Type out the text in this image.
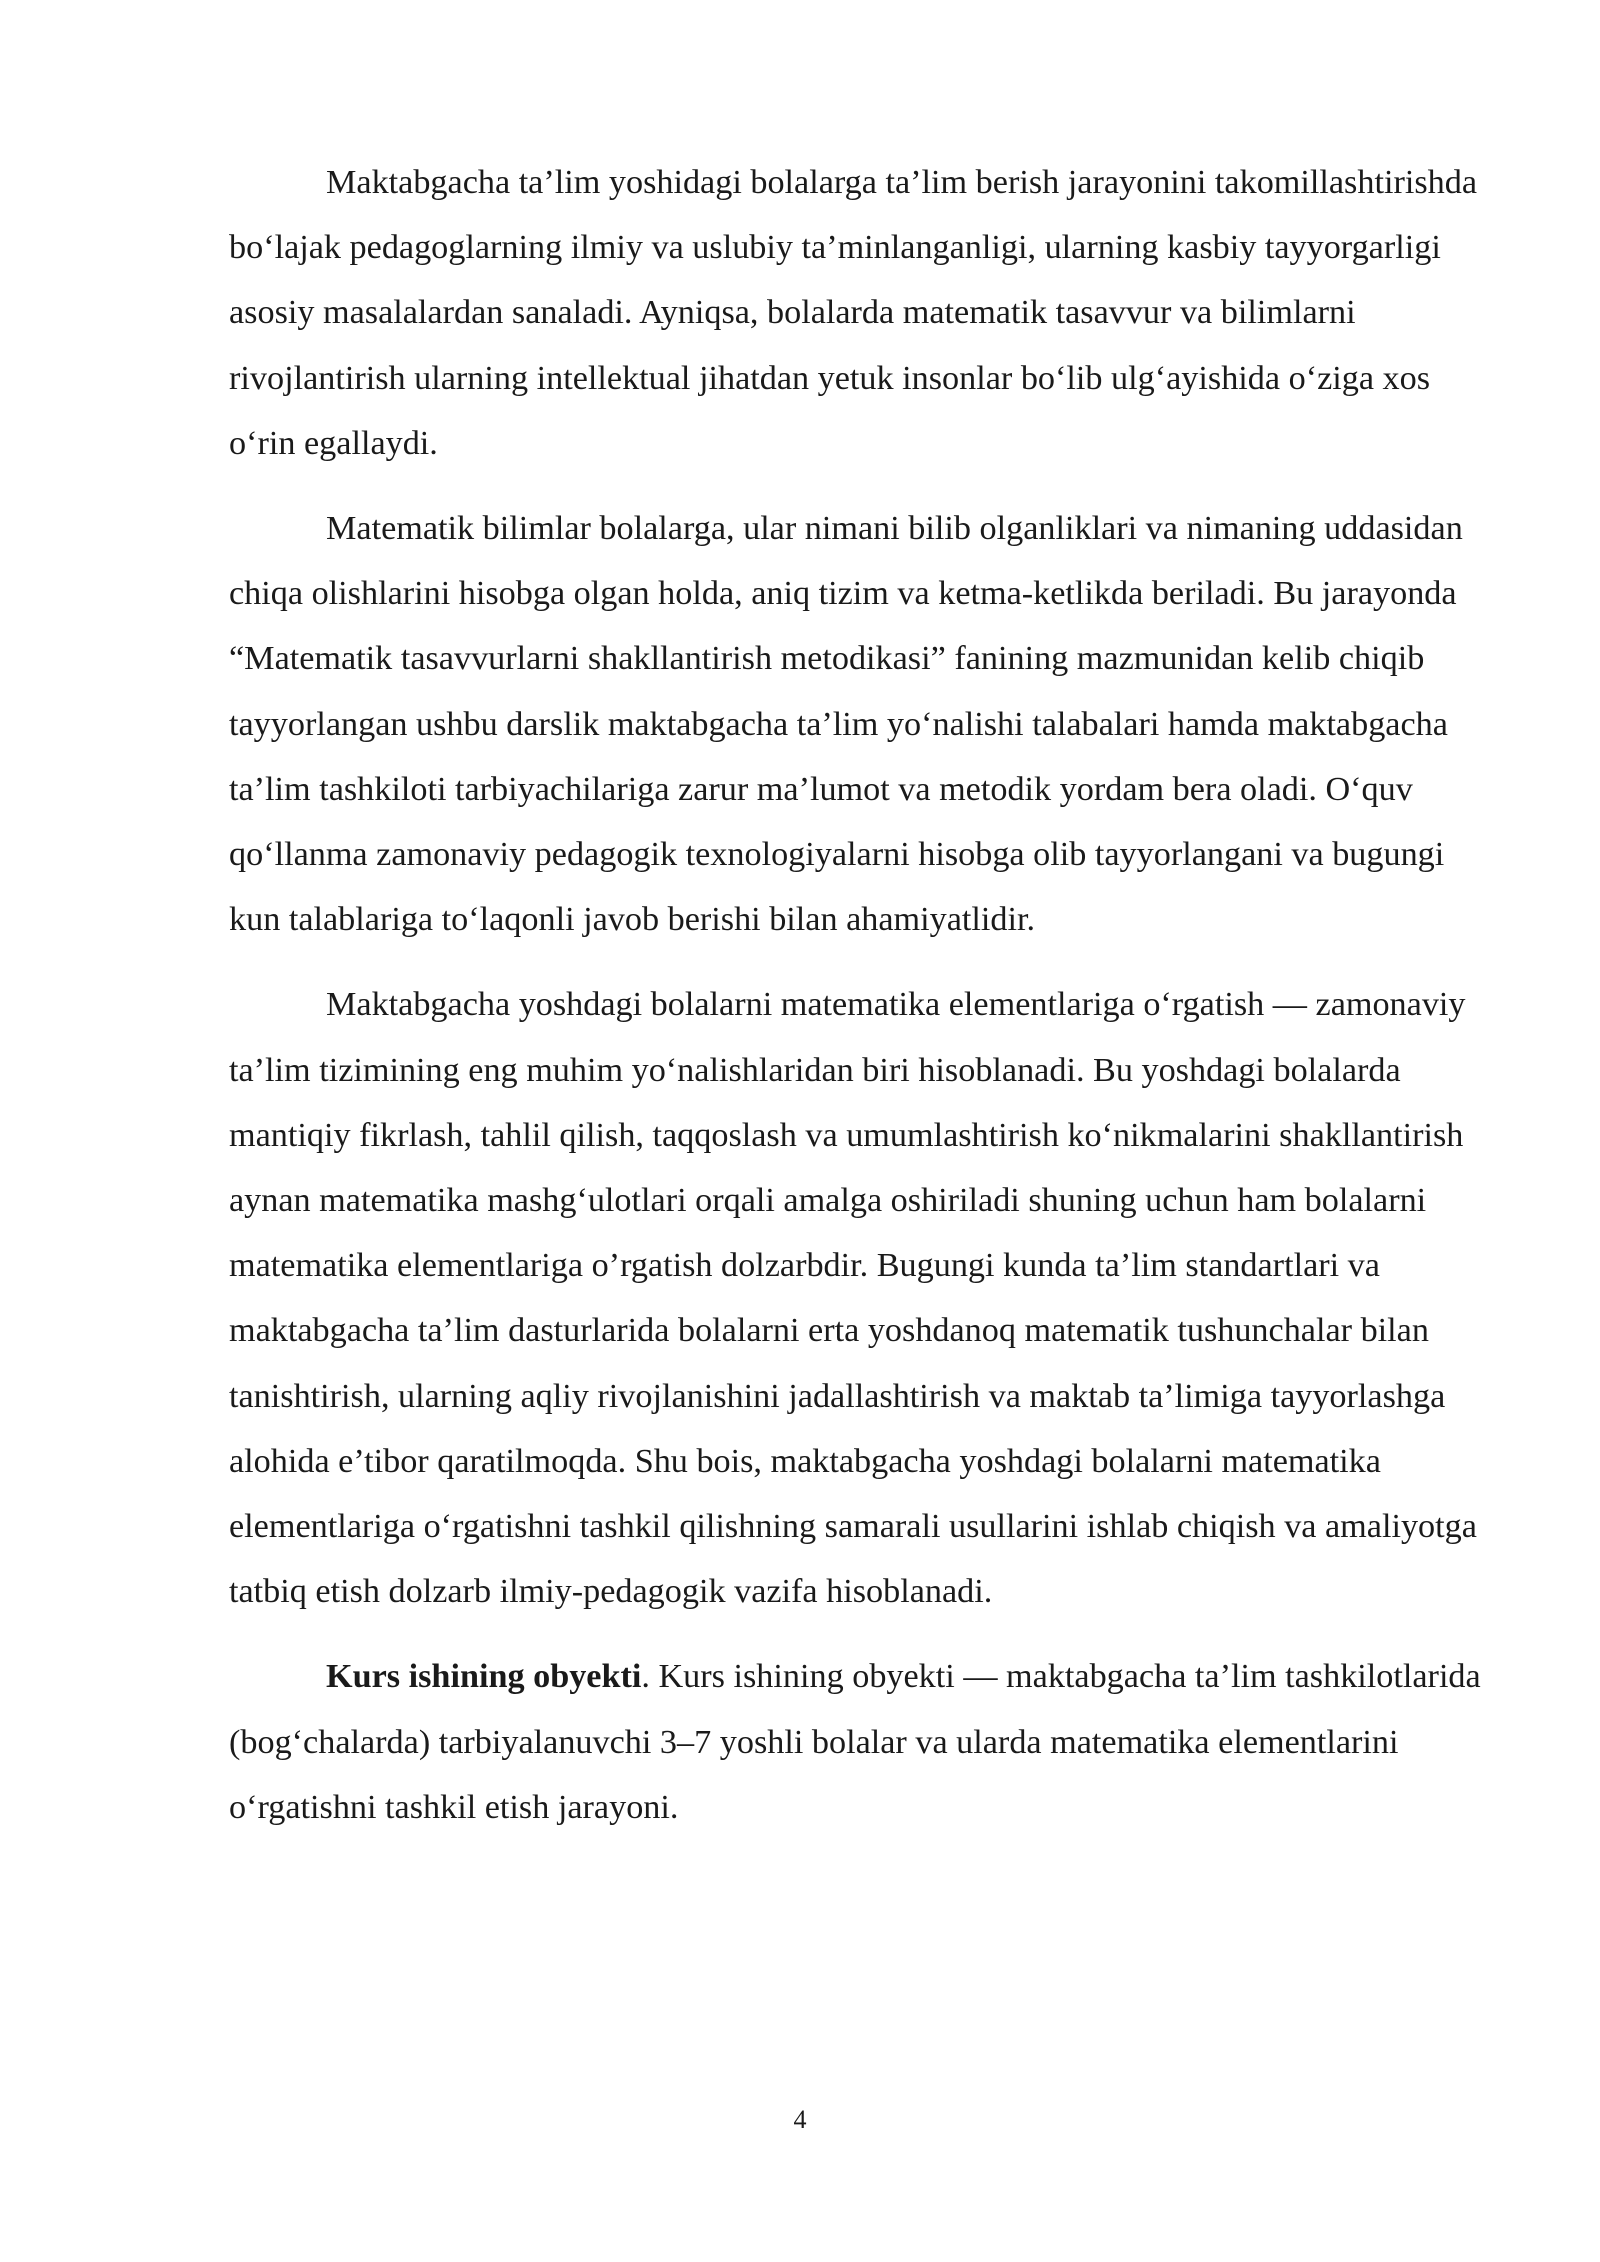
Maktabgacha ta’lim yoshidagi bolalarga ta’lim berish jarayonini takomillashtirishda bo‘lajak pedagoglarning ilmiy va uslubiy ta’minlanganligi, ularning kasbiy tayyorgarligi asosiy masalalardan sanaladi. Ayniqsa, bolalarda matematik tasavvur va bilimlarni rivojlantirish ularning intellektual jihatdan yetuk insonlar bo‘lib ulg‘ayishida o‘ziga xos o‘rin egallaydi.

Matematik bilimlar bolalarga, ular nimani bilib olganliklari va nimaning uddasidan chiqa olishlarini hisobga olgan holda, aniq tizim va ketma-ketlikda beriladi. Bu jarayonda “Matematik tasavvurlarni shakllantirish metodikasi” fanining mazmunidan kelib chiqib tayyorlangan ushbu darslik maktabgacha ta’lim yo‘nalishi talabalari hamda maktabgacha ta’lim tashkiloti tarbiyachilariga zarur ma’lumot va metodik yordam bera oladi. O‘quv qo‘llanma zamonaviy pedagogik texnologiyalarni hisobga olib tayyorlangani va bugungi kun talablariga to‘laqonli javob berishi bilan ahamiyatlidir.

Maktabgacha yoshdagi bolalarni matematika elementlariga o‘rgatish — zamonaviy ta’lim tizimining eng muhim yo‘nalishlaridan biri hisoblanadi. Bu yoshdagi bolalarda mantiqiy fikrlash, tahlil qilish, taqqoslash va umumlashtirish ko‘nikmalarini shakllantirish aynan matematika mashg‘ulotlari orqali amalga oshiriladi shuning uchun ham bolalarni matematika elementlariga o’rgatish dolzarbdir. Bugungi kunda ta’lim standartlari va maktabgacha ta’lim dasturlarida bolalarni erta yoshdanoq matematik tushunchalar bilan tanishtirish, ularning aqliy rivojlanishini jadallashtirish va maktab ta’limiga tayyorlashga alohida e’tibor qaratilmoqda. Shu bois, maktabgacha yoshdagi bolalarni matematika elementlariga o‘rgatishni tashkil qilishning samarali usullarini ishlab chiqish va amaliyotga tatbiq etish dolzarb ilmiy-pedagogik vazifa hisoblanadi.

Kurs ishining obyekti. Kurs ishining obyekti — maktabgacha ta’lim tashkilotlarida (bog‘chalarda) tarbiyalanuvchi 3–7 yoshli bolalar va ularda matematika elementlarini o‘rgatishni tashkil etish jarayoni.

4
